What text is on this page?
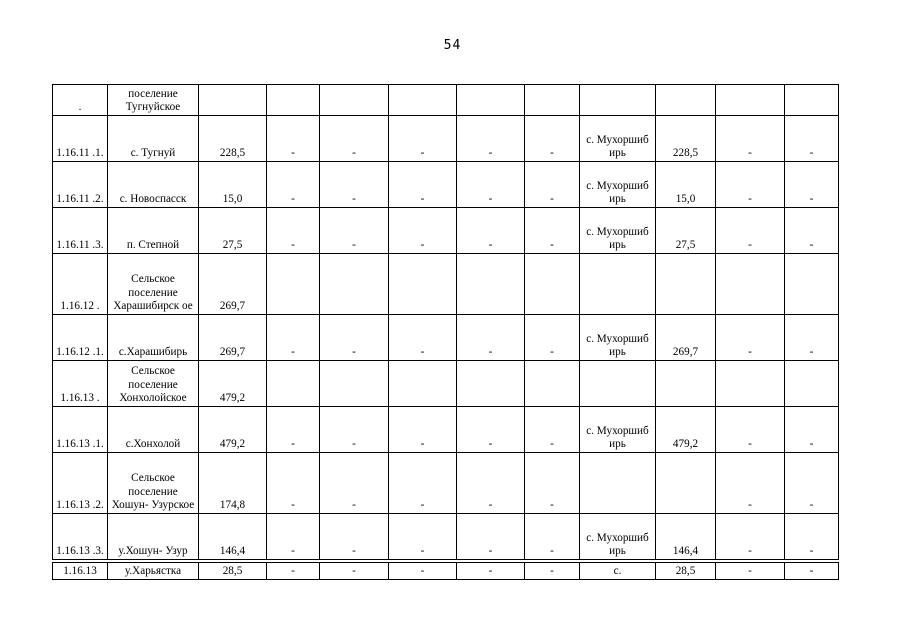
54
.	поселение Тугнуйское										
1.16.11 .1.	с. Тугнуй	228,5	-	-	-	-	-	с. Мухоршиб ирь	228,5	-	-
1.16.11 .2.	с. Новоспасск	15,0	-	-	-	-	-	с. Мухоршиб ирь	15,0	-	-
1.16.11 .3.	п. Степной	27,5	-	-	-	-	-	с. Мухоршиб ирь	27,5	-	-
1.16.12 .	Сельское поселение Харашибирск ое	269,7									
1.16.12 .1.	с.Харашибирь	269,7	-	-	-	-	-	с. Мухоршиб ирь	269,7	-	-
1.16.13 .	Сельское поселение Хонхолойское	479,2									
1.16.13 .1.	с.Хонхолой	479,2	-	-	-	-	-	с. Мухоршиб ирь	479,2	-	-
1.16.13 .2.	Сельское поселение Хошун- Узурское	174,8	-	-	-	-	-			-	-
1.16.13 .3.	у.Хошун- Узур	146,4	-	-	-	-	-	с. Мухоршиб ирь	146,4	-	-

1.16.13	у.Харьястка	28,5	-	-	-	-	-	с.	28,5	-	-
